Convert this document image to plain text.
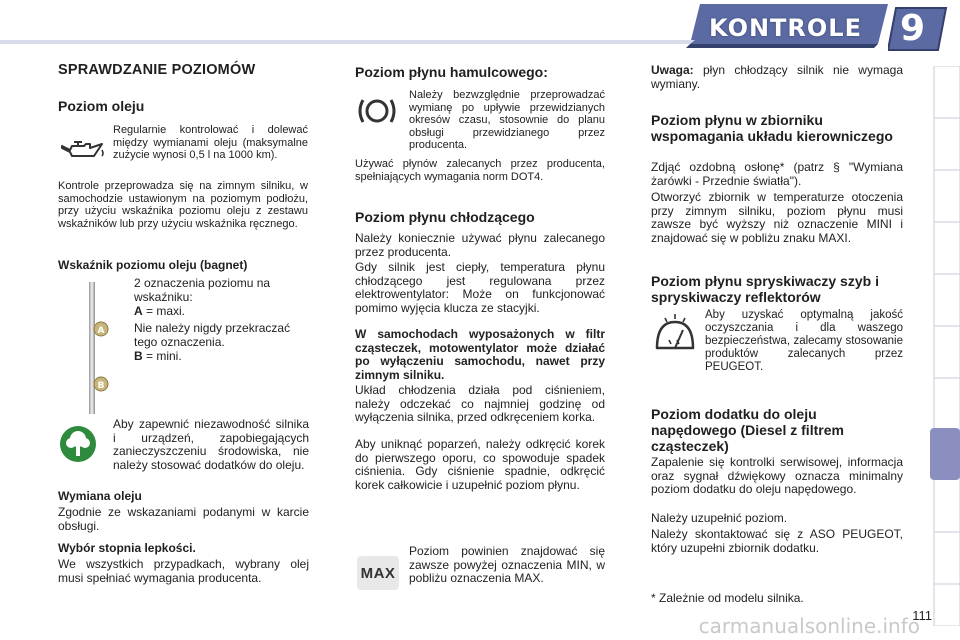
KONTROLE 9
SPRAWDZANIE POZIOMÓW
Poziom oleju

Regularnie kontrolować i dolewać między wymianami oleju (maksymalne zużycie wynosi 0,5 l na 1000 km).

Kontrole przeprowadza się na zimnym silniku, w samochodzie ustawionym na poziomym podłożu, przy użyciu wskaźnika poziomu oleju z zestawu wskaźników lub przy użyciu wskaźnika ręcznego.

Wskaźnik poziomu oleju (bagnet)
A
B

2 oznaczenia poziomu na wskaźniku:

A = maxi.

Nie należy nigdy przekraczać tego oznaczenia.

B = mini.

Aby zapewnić niezawodność silnika i urządzeń, zapobiegających zanieczyszczeniu środowiska, nie należy stosować dodatków do oleju.

Wymiana oleju

Zgodnie ze wskazaniami podanymi w karcie obsługi.

Wybór stopnia lepkości.

We wszystkich przypadkach, wybrany olej musi spełniać wymagania producenta.

Poziom płynu hamulcowego:

Należy bezwzględnie przeprowadzać wymianę po upływie przewidzianych okresów czasu, stosownie do planu obsługi przewidzianego przez producenta.

Używać płynów zalecanych przez producenta, spełniających wymagania norm DOT4.

Poziom płynu chłodzącego

Należy koniecznie używać płynu zalecanego przez producenta.

Gdy silnik jest ciepły, temperatura płynu chłodzącego jest regulowana przez elektrowentylator: Może on funkcjonować pomimo wyjęcia klucza ze stacyjki.

W samochodach wyposażonych w filtr cząsteczek, motowentylator może działać po wyłączeniu samochodu, nawet przy zimnym silniku.

Układ chłodzenia działa pod ciśnieniem, należy odczekać co najmniej godzinę od wyłączenia silnika, przed odkręceniem korka.

Aby uniknąć poparzeń, należy odkręcić korek do pierwszego oporu, co spowoduje spadek ciśnienia. Gdy ciśnienie spadnie, odkręcić korek całkowicie i uzupełnić poziom płynu.

MAX

Poziom powinien znajdować się zawsze powyżej oznaczenia MIN, w pobliżu oznaczenia MAX.

Uwaga: płyn chłodzący silnik nie wymaga wymiany.

Poziom płynu w zbiorniku wspomagania układu kierowniczego

Zdjąć ozdobną osłonę* (patrz § "Wymiana żarówki - Przednie światła").

Otworzyć zbiornik w temperaturze otoczenia przy zimnym silniku, poziom płynu musi zawsze być wyższy niż oznaczenie MINI i znajdować się w pobliżu znaku MAXI.

Poziom płynu spryskiwaczy szyb i spryskiwaczy reflektorów

Aby uzyskać optymalną jakość oczyszczania i dla waszego bezpieczeństwa, zalecamy stosowanie produktów zalecanych przez PEUGEOT.

Poziom dodatku do oleju napędowego (Diesel z filtrem cząsteczek)

Zapalenie się kontrolki serwisowej, informacja oraz sygnał dźwiękowy oznacza minimalny poziom dodatku do oleju napędowego.

Należy uzupełnić poziom.

Należy skontaktować się z ASO PEUGEOT, który uzupełni zbiornik dodatku.

* Zależnie od modelu silnika.

111
carmanualsonline.info
